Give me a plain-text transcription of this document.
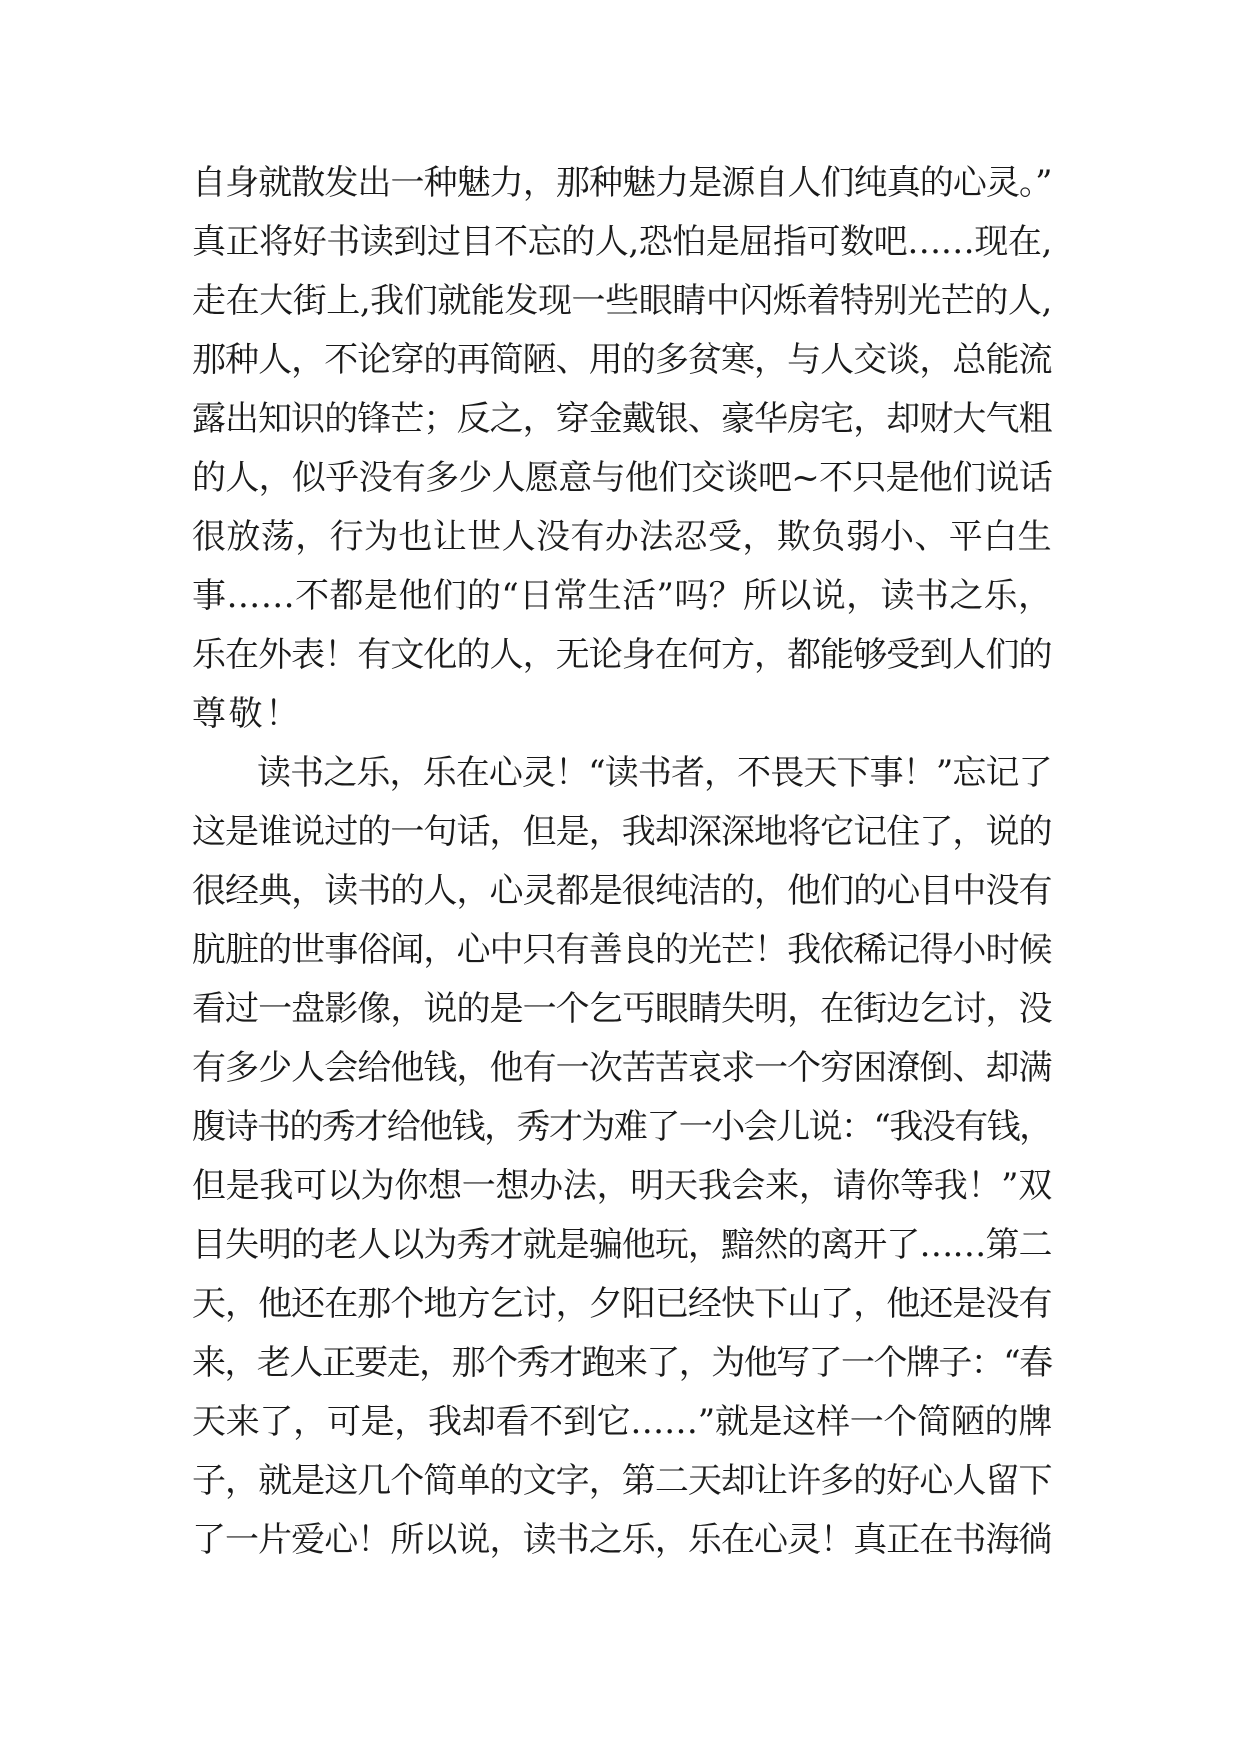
自身就散发出一种魅力，那种魅力是源自人们纯真的心灵。”
真正将好书读到过目不忘的人,恐怕是屈指可数吧……现在,
走在大街上,我们就能发现一些眼睛中闪烁着特别光芒的人,
那种人，不论穿的再简陋、用的多贫寒，与人交谈，总能流
露出知识的锋芒；反之，穿金戴银、豪华房宅，却财大气粗
的人，似乎没有多少人愿意与他们交谈吧~不只是他们说话
很放荡，行为也让世人没有办法忍受，欺负弱小、平白生
事……不都是他们的“日常生活”吗？所以说，读书之乐，
乐在外表！有文化的人，无论身在何方，都能够受到人们的
尊敬！
读书之乐，乐在心灵！“读书者，不畏天下事！”忘记了
这是谁说过的一句话，但是，我却深深地将它记住了，说的
很经典，读书的人，心灵都是很纯洁的，他们的心目中没有
肮脏的世事俗闻，心中只有善良的光芒！我依稀记得小时候
看过一盘影像，说的是一个乞丐眼睛失明，在街边乞讨，没
有多少人会给他钱，他有一次苦苦哀求一个穷困潦倒、却满
腹诗书的秀才给他钱，秀才为难了一小会儿说：“我没有钱，
但是我可以为你想一想办法，明天我会来，请你等我！”双
目失明的老人以为秀才就是骗他玩，黯然的离开了……第二
天，他还在那个地方乞讨，夕阳已经快下山了，他还是没有
来，老人正要走，那个秀才跑来了，为他写了一个牌子：“春
天来了，可是，我却看不到它……”就是这样一个简陋的牌
子，就是这几个简单的文字，第二天却让许多的好心人留下
了一片爱心！所以说，读书之乐，乐在心灵！真正在书海徜
